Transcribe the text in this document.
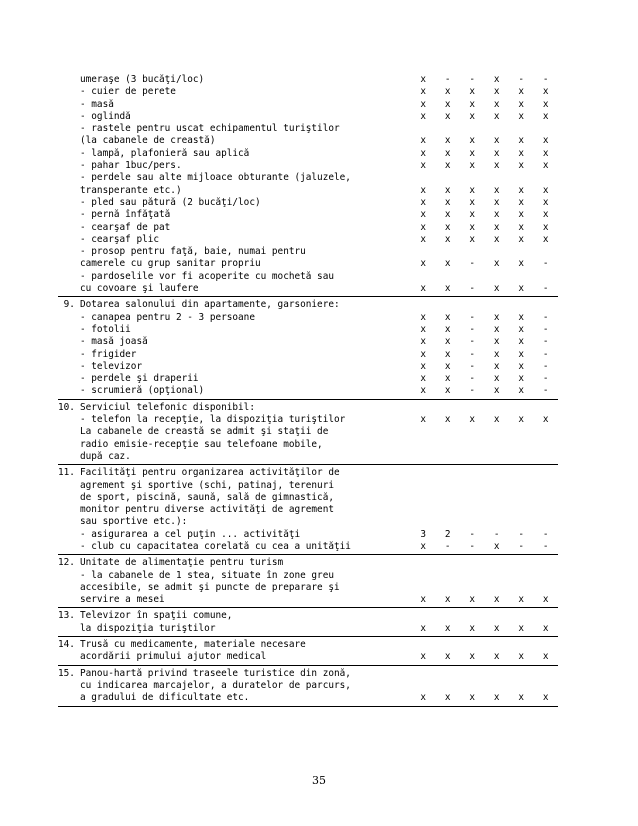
umeraşe (3 bucăţi/loc)	x	-	-	x	-	-
- cuier de perete	x	x	x	x	x	x
- masă	x	x	x	x	x	x
- oglindă	x	x	x	x	x	x
- rastele pentru uscat echipamentul turiştilor
(la cabanele de creastă)	x	x	x	x	x	x
- lampă, plafonieră sau aplică	x	x	x	x	x	x
- pahar 1buc/pers.	x	x	x	x	x	x
- perdele sau alte mijloace obturante (jaluzele,
transperante etc.)	x	x	x	x	x	x
- pled sau pătură (2 bucăţi/loc)	x	x	x	x	x	x
- pernă înfăţată	x	x	x	x	x	x
- cearşaf de pat	x	x	x	x	x	x
- cearşaf plic	x	x	x	x	x	x
- prosop pentru faţă, baie, numai pentru
camerele cu grup sanitar propriu	x	x	-	x	x	-
- pardoselile vor fi acoperite cu mochetă sau
cu covoare şi laufere	x	x	-	x	x	-
9. Dotarea salonului din apartamente, garsoniere:
- canapea pentru 2 - 3 persoane	x	x	-	x	x	-
- fotolii	x	x	-	x	x	-
- masă joasă	x	x	-	x	x	-
- frigider	x	x	-	x	x	-
- televizor	x	x	-	x	x	-
- perdele şi draperii	x	x	-	x	x	-
- scrumieră (opţional)	x	x	-	x	x	-
10. Serviciul telefonic disponibil:
- telefon la recepţie, la dispoziţia turiştilor	x	x	x	x	x	x
La cabanele de creastă se admit şi staţii de
radio emisie-recepţie sau telefoane mobile,
după caz.
11. Facilităţi pentru organizarea activităţilor de
agrement şi sportive (schi, patinaj, terenuri
de sport, piscină, saună, sală de gimnastică,
monitor pentru diverse activităţi de agrement
sau sportive etc.):
- asigurarea a cel puţin ... activităţi	3	2	-	-	-	-
- club cu capacitatea corelată cu cea a unităţii	x	-	-	x	-	-
12. Unitate de alimentaţie pentru turism
- la cabanele de 1 stea, situate în zone greu
accesibile, se admit şi puncte de preparare şi
servire a mesei	x	x	x	x	x	x
13. Televizor în spaţii comune,
la dispoziţia turiştilor	x	x	x	x	x	x
14. Trusă cu medicamente, materiale necesare
acordării primului ajutor medical	x	x	x	x	x	x
15. Panou-hartă privind traseele turistice din zonă,
cu indicarea marcajelor, a duratelor de parcurs,
a gradului de dificultate etc.	x	x	x	x	x	x
35
